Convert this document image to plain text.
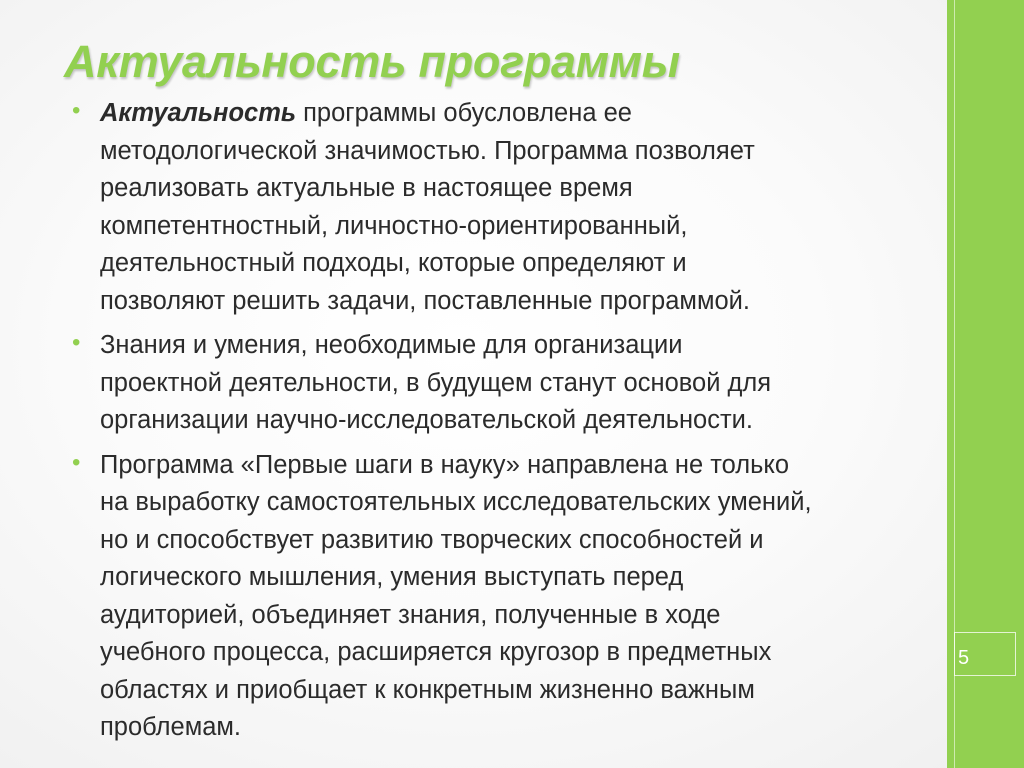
5
Актуальность программы
• Актуальность программы обусловлена ее
методологической значимостью. Программа позволяет
реализовать актуальные в настоящее время
компетентностный, личностно-ориентированный,
деятельностный подходы, которые определяют и
позволяют решить задачи, поставленные программой.
• Знания и умения, необходимые для организации
проектной деятельности, в будущем станут основой для
организации научно-исследовательской деятельности.
• Программа «Первые шаги в науку» направлена не только
на выработку самостоятельных исследовательских умений,
но и способствует развитию творческих способностей и
логического мышления, умения выступать перед
аудиторией, объединяет знания, полученные в ходе
учебного процесса, расширяется кругозор в предметных
областях и приобщает к конкретным жизненно важным
проблемам.
